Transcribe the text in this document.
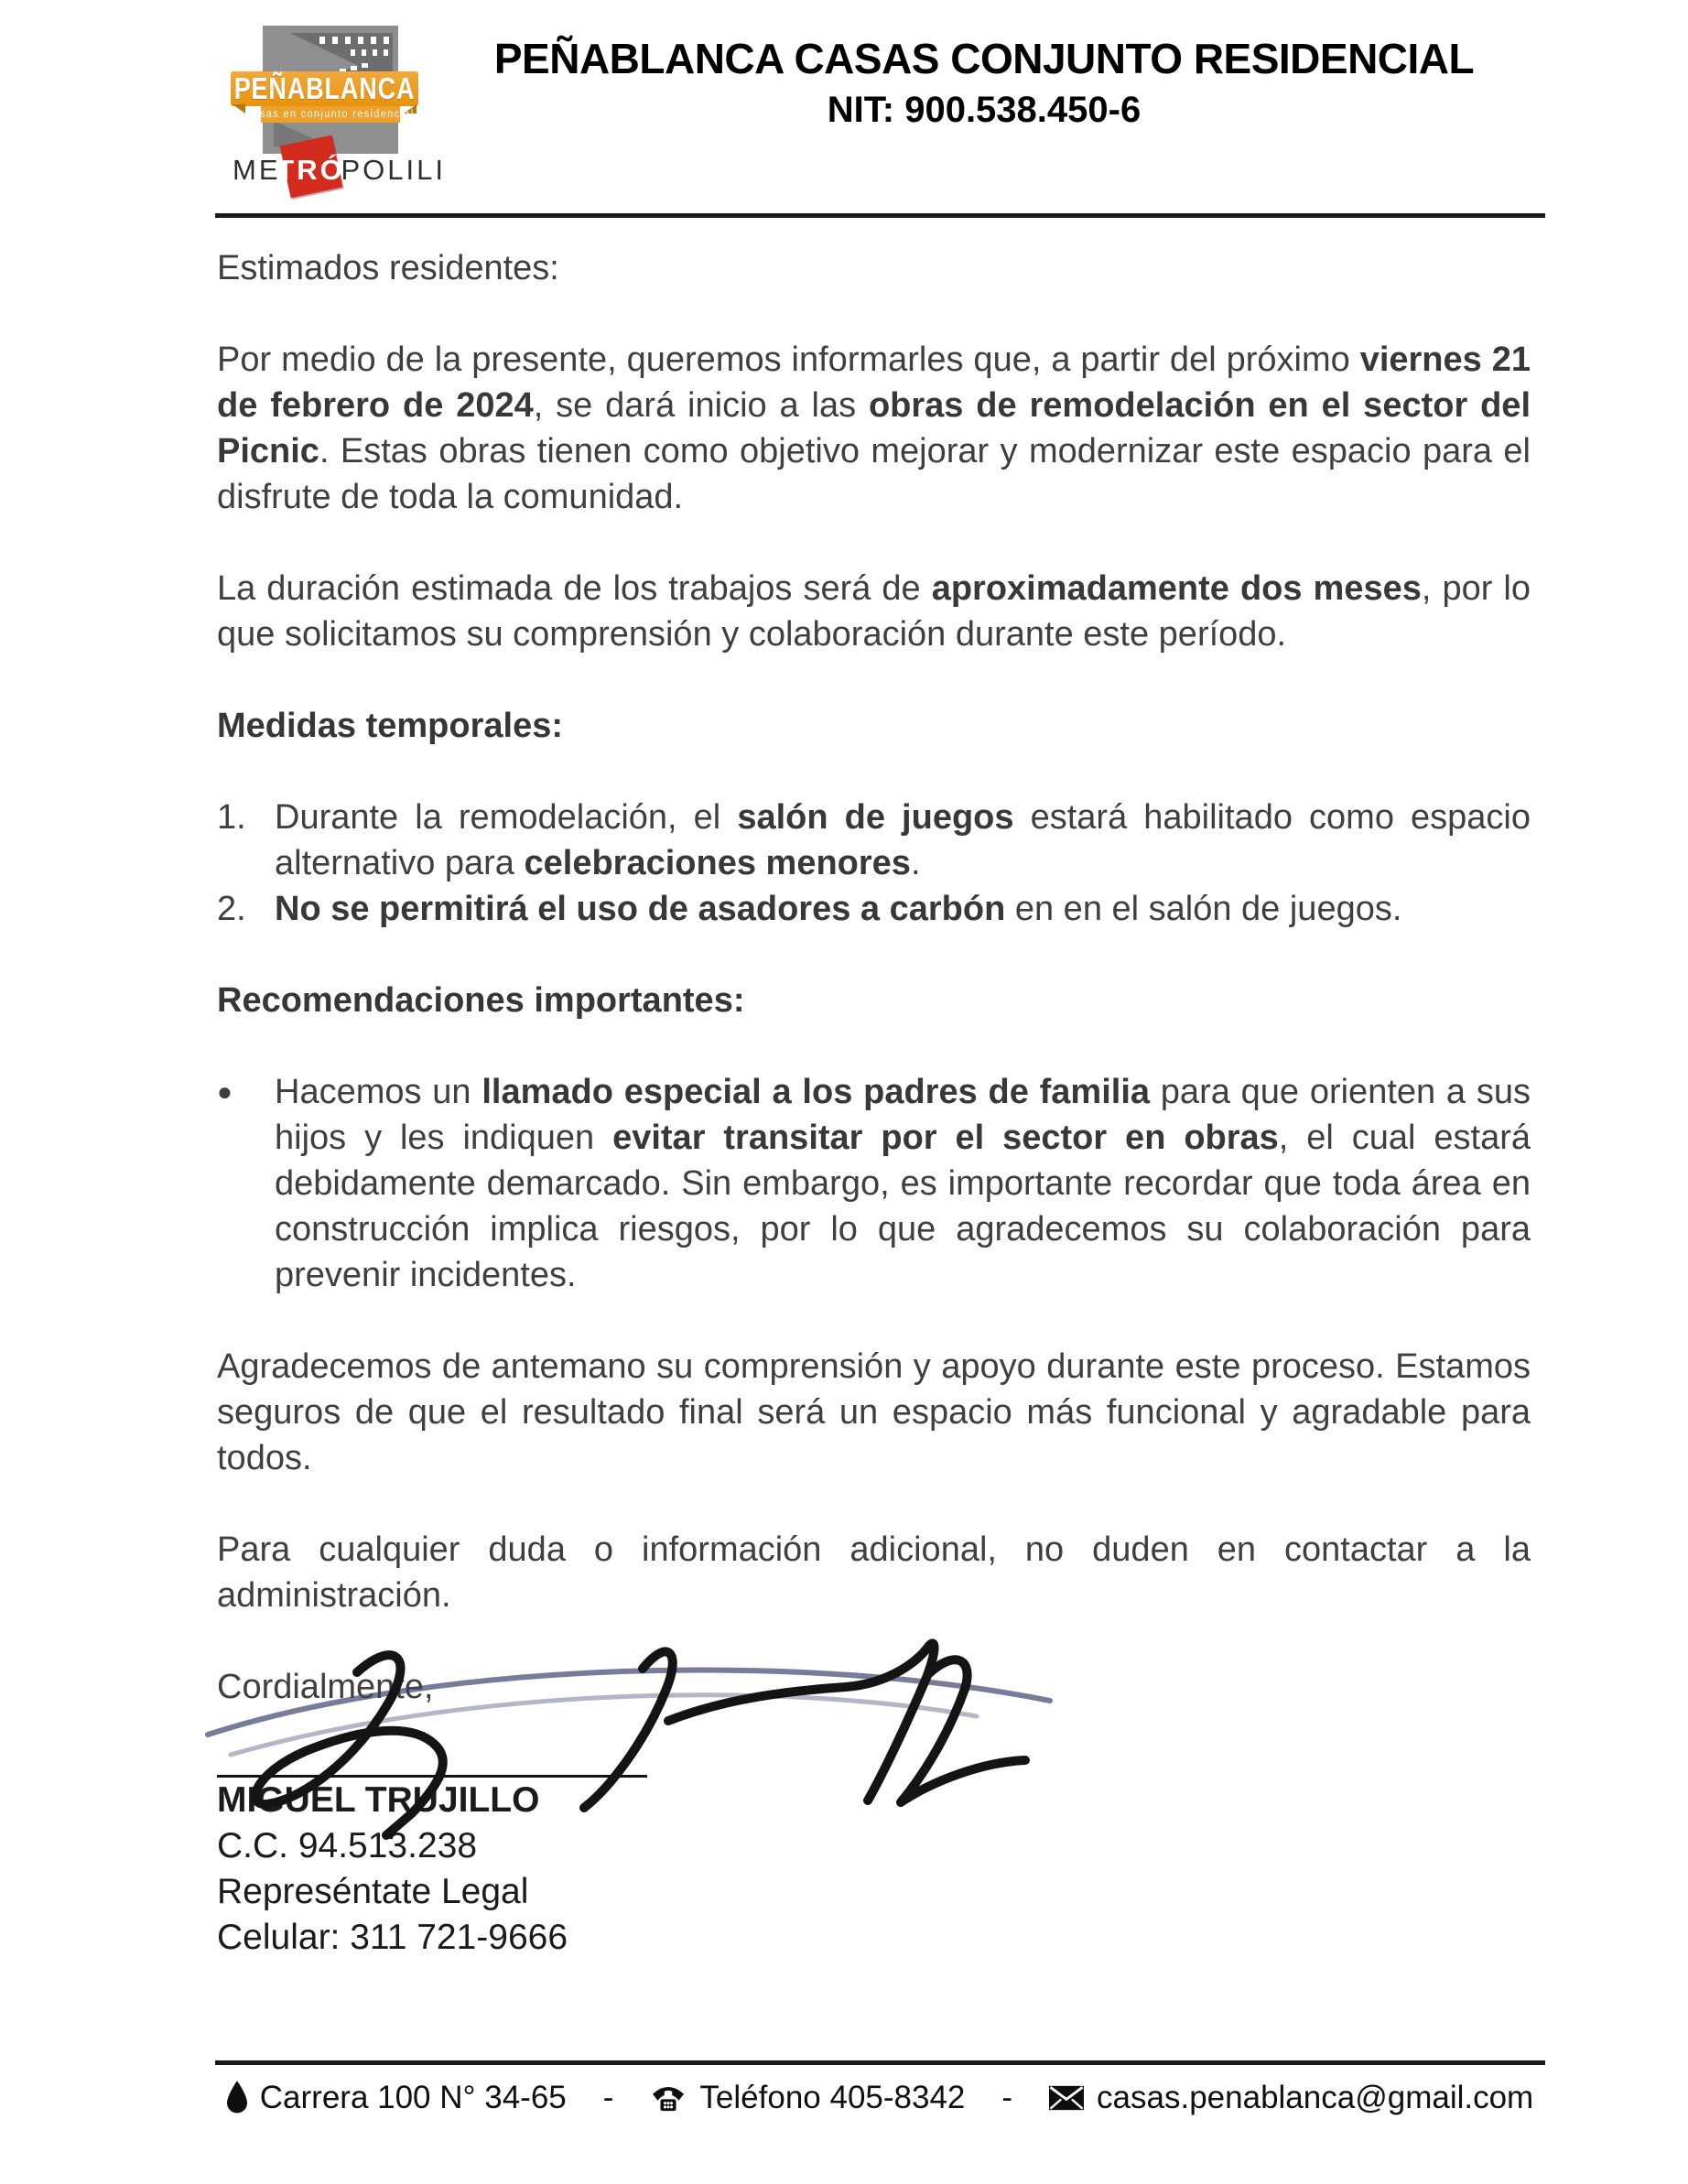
PEÑABLANCA
casas en conjunto residencial
ME
TRÓ
POLILI
PEÑABLANCA CASAS CONJUNTO RESIDENCIAL
NIT: 900.538.450-6

Estimados residentes:

Por medio de la presente, queremos informarles que, a partir del próximo viernes 21 de febrero de 2024, se dará inicio a las obras de remodelación en el sector del Picnic. Estas obras tienen como objetivo mejorar y modernizar este espacio para el disfrute de toda la comunidad.

La duración estimada de los trabajos será de aproximadamente dos meses, por lo que solicitamos su comprensión y colaboración durante este período.

Medidas temporales:

1. Durante la remodelación, el salón de juegos estará habilitado como espacio alternativo para celebraciones menores.
2. No se permitirá el uso de asadores a carbón en en el salón de juegos.

Recomendaciones importantes:

●	Hacemos un llamado especial a los padres de familia para que orienten a sus hijos y les indiquen evitar transitar por el sector en obras, el cual estará debidamente demarcado. Sin embargo, es importante recordar que toda área en construcción implica riesgos, por lo que agradecemos su colaboración para prevenir incidentes.

Agradecemos de antemano su comprensión y apoyo durante este proceso. Estamos seguros de que el resultado final será un espacio más funcional y agradable para todos.

Para cualquier duda o información adicional, no duden en contactar a la administración.

Cordialmente,

MIGUEL TRUJILLO
C.C. 94.513.238
Represéntate Legal
Celular: 311 721-9666
Carrera 100 N° 34-65 -	Teléfono 405-8342 -	casas.penablanca@gmail.com
